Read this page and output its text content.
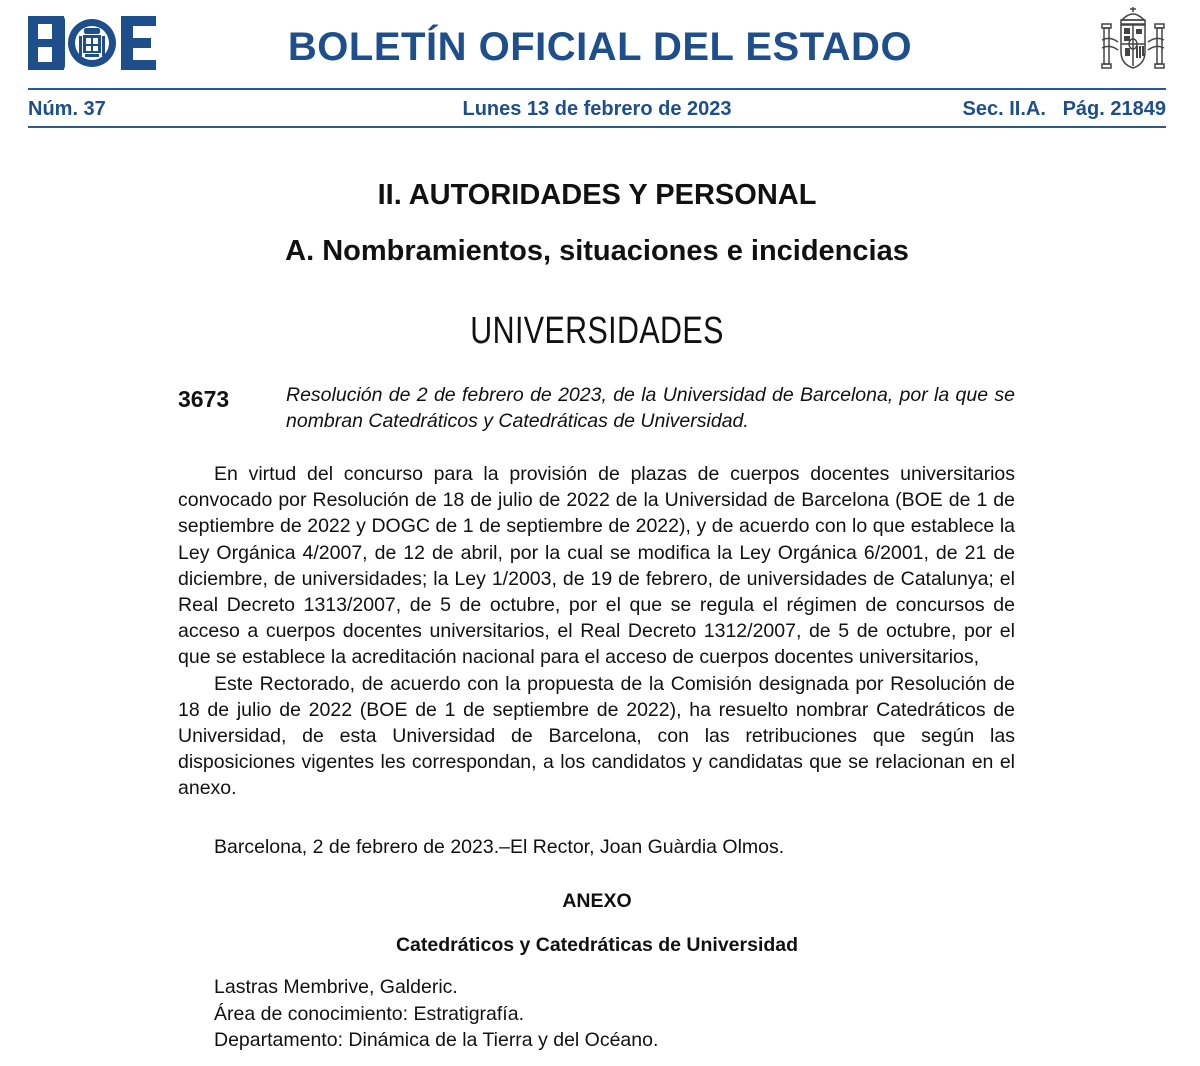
BOLETÍN OFICIAL DEL ESTADO
Núm. 37	Lunes 13 de febrero de 2023	Sec. II.A.   Pág. 21849
II. AUTORIDADES Y PERSONAL
A. Nombramientos, situaciones e incidencias
UNIVERSIDADES
3673	Resolución de 2 de febrero de 2023, de la Universidad de Barcelona, por la que se nombran Catedráticos y Catedráticas de Universidad.

En virtud del concurso para la provisión de plazas de cuerpos docentes universitarios convocado por Resolución de 18 de julio de 2022 de la Universidad de Barcelona (BOE de 1 de septiembre de 2022 y DOGC de 1 de septiembre de 2022), y de acuerdo con lo que establece la Ley Orgánica 4/2007, de 12 de abril, por la cual se modifica la Ley Orgánica 6/2001, de 21 de diciembre, de universidades; la Ley 1/2003, de 19 de febrero, de universidades de Catalunya; el Real Decreto 1313/2007, de 5 de octubre, por el que se regula el régimen de concursos de acceso a cuerpos docentes universitarios, el Real Decreto 1312/2007, de 5 de octubre, por el que se establece la acreditación nacional para el acceso de cuerpos docentes universitarios,

Este Rectorado, de acuerdo con la propuesta de la Comisión designada por Resolución de 18 de julio de 2022 (BOE de 1 de septiembre de 2022), ha resuelto nombrar Catedráticos de Universidad, de esta Universidad de Barcelona, con las retribuciones que según las disposiciones vigentes les correspondan, a los candidatos y candidatas que se relacionan en el anexo.

Barcelona, 2 de febrero de 2023.–El Rector, Joan Guàrdia Olmos.
ANEXO
Catedráticos y Catedráticas de Universidad
Lastras Membrive, Galderic.
Área de conocimiento: Estratigrafía.
Departamento: Dinámica de la Tierra y del Océano.
